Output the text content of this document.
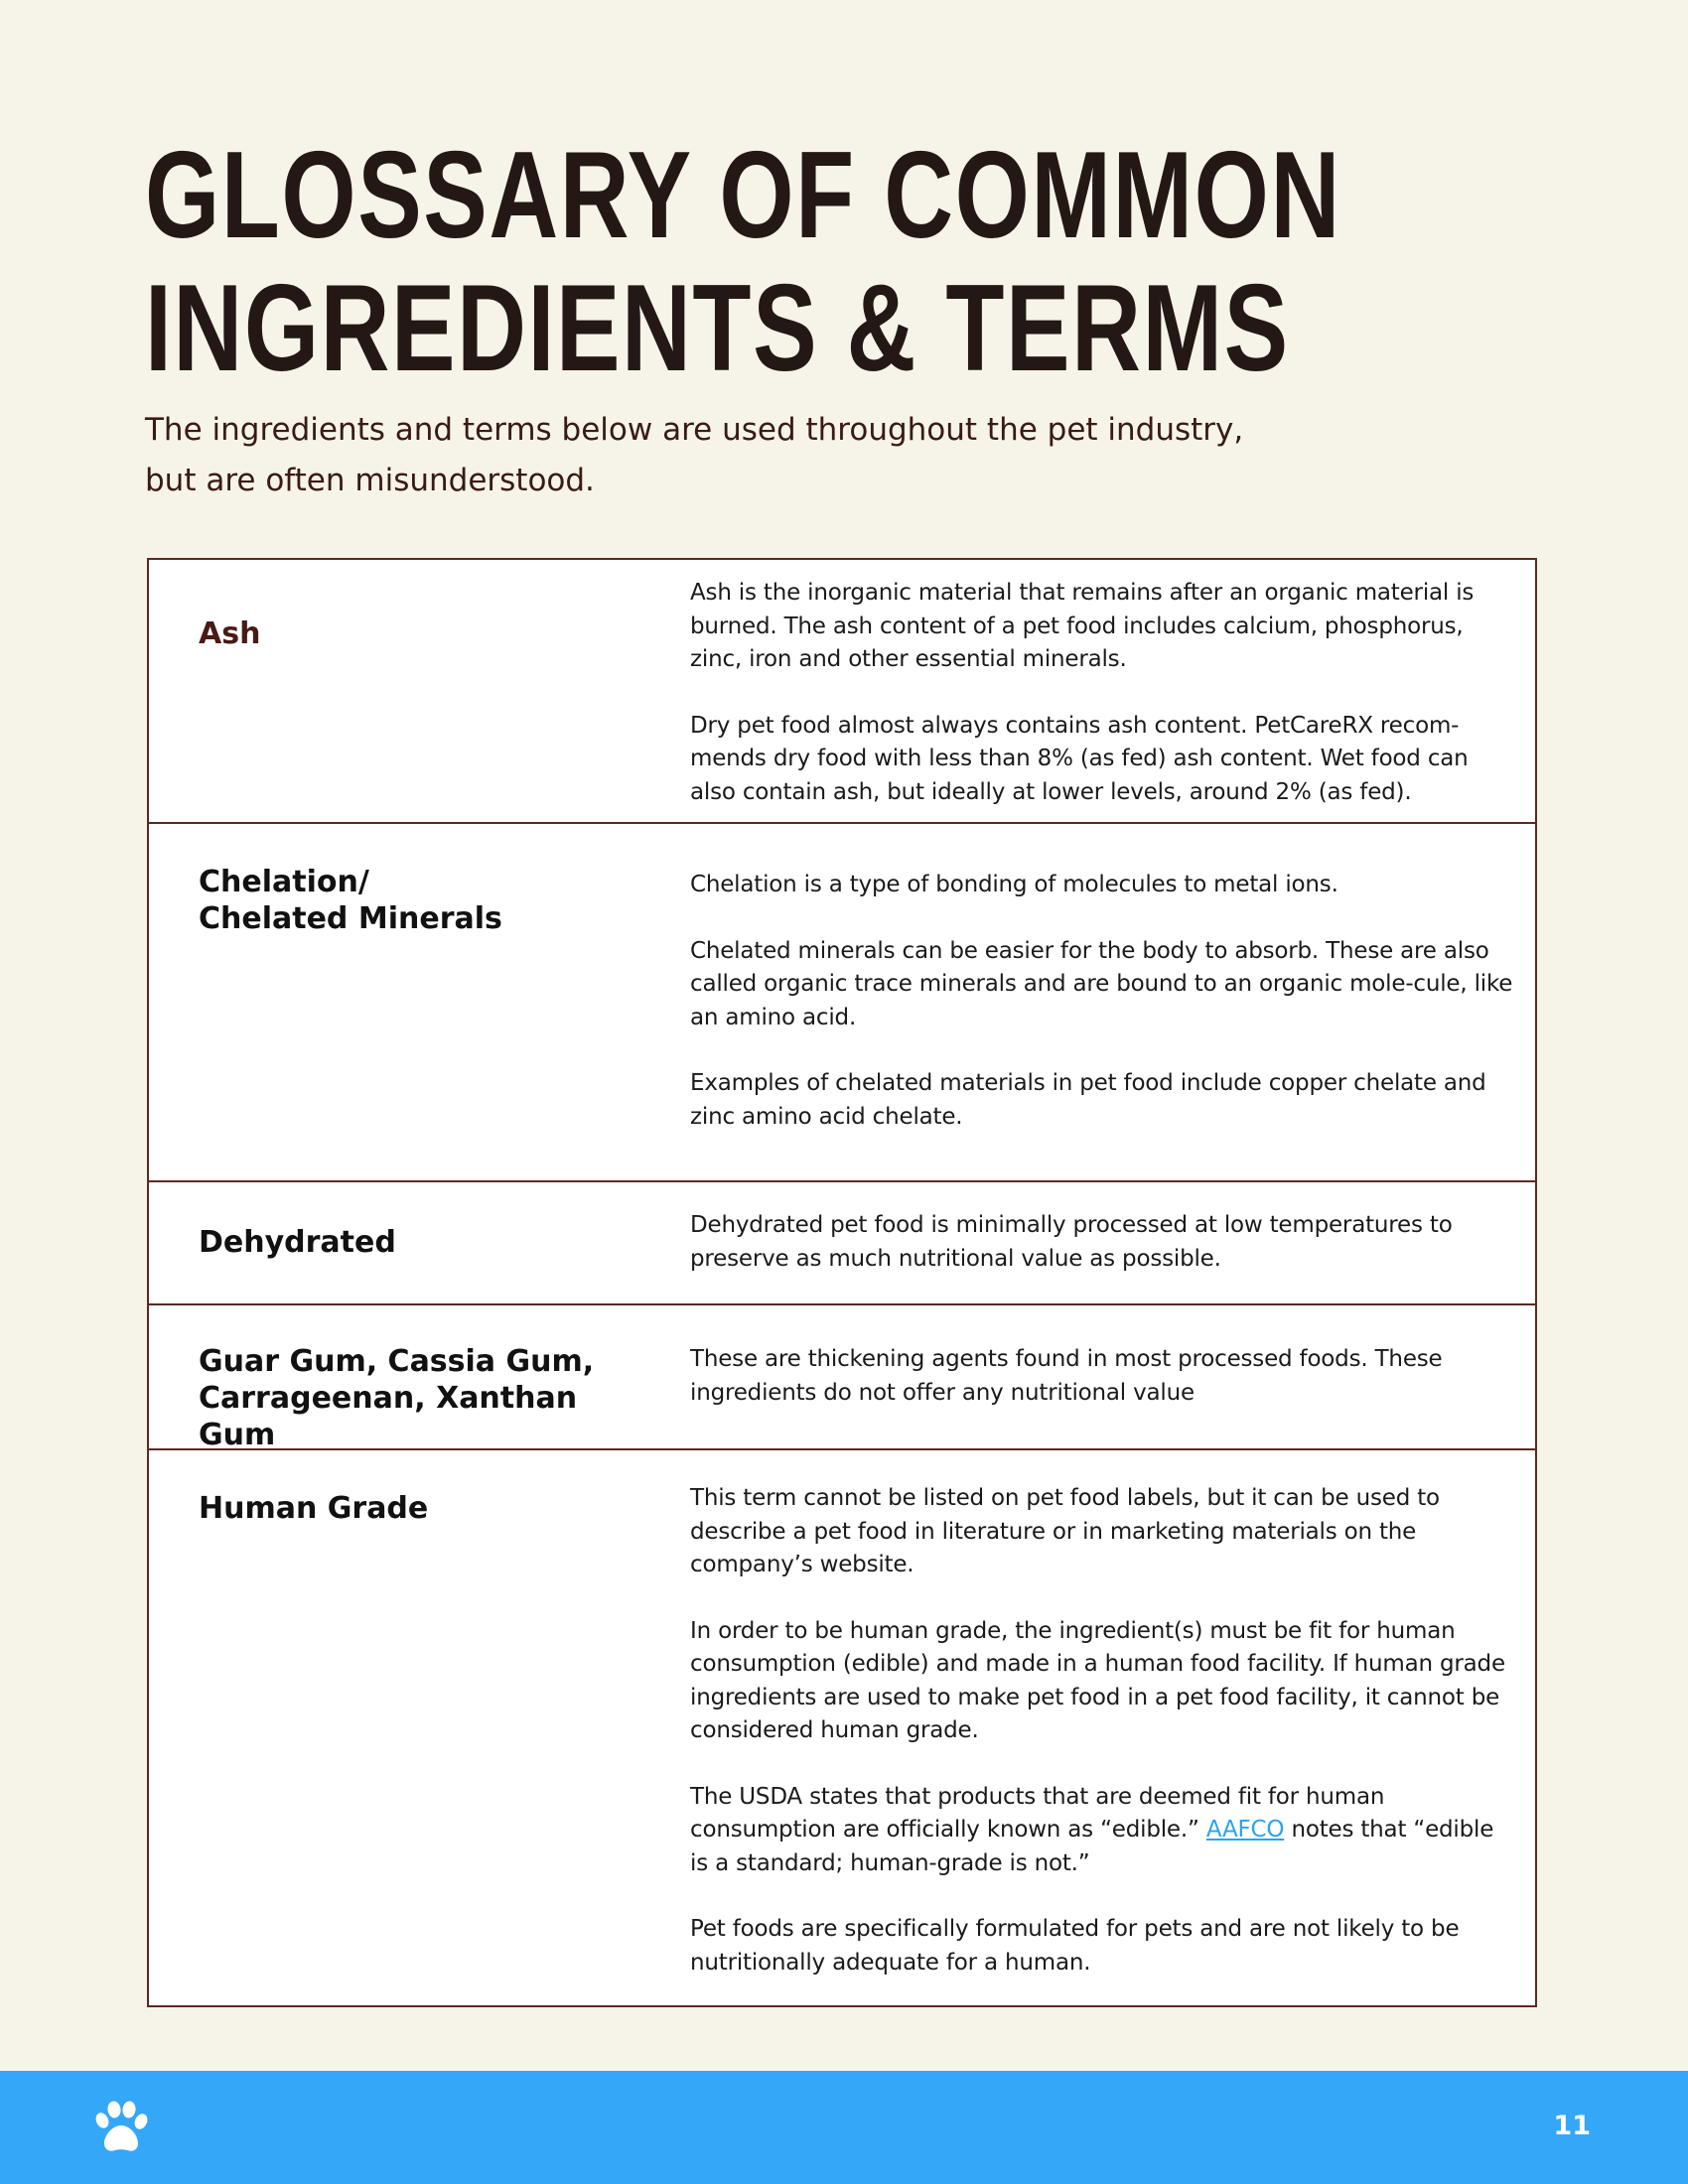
GLOSSARY OF COMMON
INGREDIENTS & TERMS

The ingredients and terms below are used throughout the pet industry,
but are often misunderstood.

Ash

Ash is the inorganic material that remains after an organic material is burned. The ash content of a pet food includes calcium, phosphorus, zinc, iron and other essential minerals.

Dry pet food almost always contains ash content. PetCareRX recom-mends dry food with less than 8% (as fed) ash content. Wet food can also contain ash, but ideally at lower levels, around 2% (as fed).

Chelation/
Chelated Minerals

Chelation is a type of bonding of molecules to metal ions.

Chelated minerals can be easier for the body to absorb. These are also called organic trace minerals and are bound to an organic mole-cule, like an amino acid.

Examples of chelated materials in pet food include copper chelate and zinc amino acid chelate.

Dehydrated	Dehydrated pet food is minimally processed at low temperatures to preserve as much nutritional value as possible.

Guar Gum, Cassia Gum,
Carrageenan, Xanthan Gum

These are thickening agents found in most processed foods. These ingredients do not offer any nutritional value

Human Grade	This term cannot be listed on pet food labels, but it can be used to describe a pet food in literature or in marketing materials on the company’s website.

In order to be human grade, the ingredient(s) must be fit for human consumption (edible) and made in a human food facility. If human grade ingredients are used to make pet food in a pet food facility, it cannot be considered human grade.

The USDA states that products that are deemed fit for human consumption are officially known as “edible.” AAFCO notes that “edible is a standard; human-grade is not.”

Pet foods are specifically formulated for pets and are not likely to be nutritionally adequate for a human.

11
